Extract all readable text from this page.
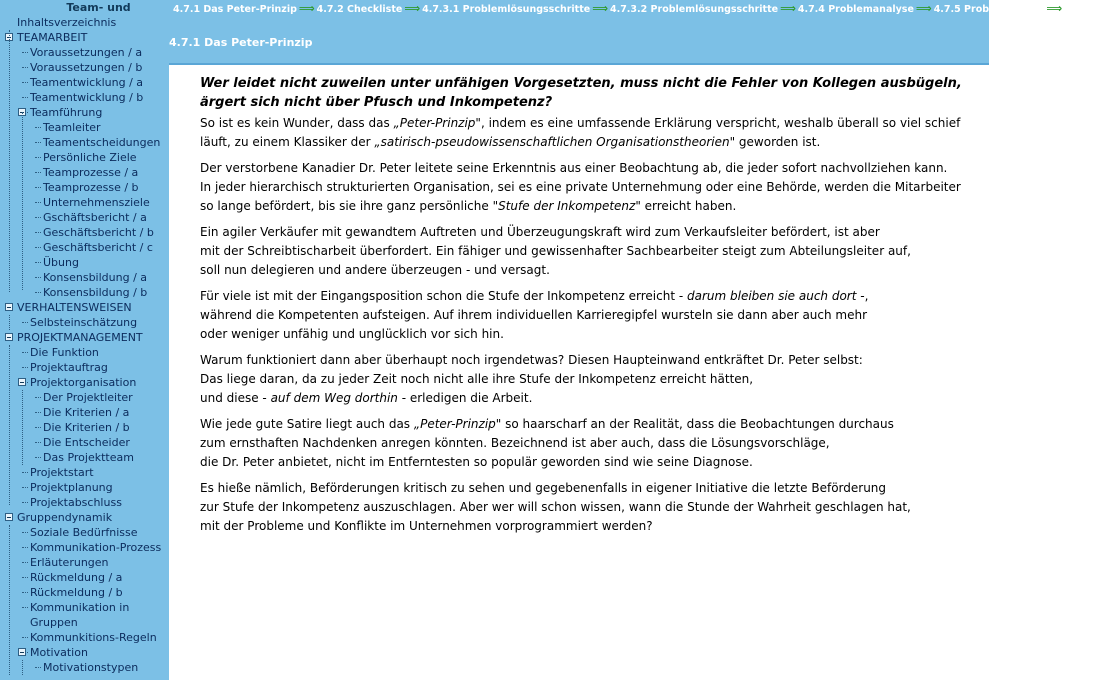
Team- und
Inhaltsverzeichnis
TEAMARBEIT
Voraussetzungen / a
Voraussetzungen / b
Teamentwicklung / a
Teamentwicklung / b
Teamführung
Teamleiter
Teamentscheidungen
Persönliche Ziele
Teamprozesse / a
Teamprozesse / b
Unternehmensziele
Gschäftsbericht / a
Geschäftsbericht / b
Geschäftsbericht / c
Übung
Konsensbildung / a
Konsensbildung / b
VERHALTENSWEISEN
Selbsteinschätzung
PROJEKTMANAGEMENT
Die Funktion
Projektauftrag
Projektorganisation
Der Projektleiter
Die Kriterien / a
Die Kriterien / b
Die Entscheider
Das Projektteam
Projektstart
Projektplanung
Projektabschluss
Gruppendynamik
Soziale Bedürfnisse
Kommunikation-Prozess
Erläuterungen
Rückmeldung / a
Rückmeldung / b
Kommunikation in Gruppen
Kommunkitions-Regeln
Motivation
Motivationstypen
4.7.1 Das Peter-Prinzip ⟹ 4.7.2 Checkliste ⟹ 4.7.3.1 Problemlösungsschritte ⟹ 4.7.3.2 Problemlösungsschritte ⟹ 4.7.4 Problemanalyse ⟹ 4.7.5 Problemlösung ⟹ 4.7.6 Z
4.7.1 Das Peter-Prinzip
Wer leidet nicht zuweilen unter unfähigen Vorgesetzten, muss nicht die Fehler von Kollegen ausbügeln,
ärgert sich nicht über Pfusch und Inkompetenz?
So ist es kein Wunder, dass das „Peter-Prinzip", indem es eine umfassende Erklärung verspricht, weshalb überall so viel schief läuft, zu einem Klassiker der „satirisch-pseudowissenschaftlichen Organisationstheorien" geworden ist.
Der verstorbene Kanadier Dr. Peter leitete seine Erkenntnis aus einer Beobachtung ab, die jeder sofort nachvollziehen kann.
In jeder hierarchisch strukturierten Organisation, sei es eine private Unternehmung oder eine Behörde, werden die Mitarbeiter
so lange befördert, bis sie ihre ganz persönliche "Stufe der Inkompetenz" erreicht haben.
Ein agiler Verkäufer mit gewandtem Auftreten und Überzeugungskraft wird zum Verkaufsleiter befördert, ist aber
mit der Schreibtischarbeit überfordert. Ein fähiger und gewissenhafter Sachbearbeiter steigt zum Abteilungsleiter auf,
soll nun delegieren und andere überzeugen - und versagt.
Für viele ist mit der Eingangsposition schon die Stufe der Inkompetenz erreicht - darum bleiben sie auch dort -,
während die Kompetenten aufsteigen. Auf ihrem individuellen Karrieregipfel wursteln sie dann aber auch mehr
oder weniger unfähig und unglücklich vor sich hin.
Warum funktioniert dann aber überhaupt noch irgendetwas? Diesen Haupteinwand entkräftet Dr. Peter selbst:
Das liege daran, da zu jeder Zeit noch nicht alle ihre Stufe der Inkompetenz erreicht hätten,
und diese - auf dem Weg dorthin - erledigen die Arbeit.
Wie jede gute Satire liegt auch das „Peter-Prinzip" so haarscharf an der Realität, dass die Beobachtungen durchaus
zum ernsthaften Nachdenken anregen könnten. Bezeichnend ist aber auch, dass die Lösungsvorschläge,
die Dr. Peter anbietet, nicht im Entferntesten so populär geworden sind wie seine Diagnose.
Es hieße nämlich, Beförderungen kritisch zu sehen und gegebenenfalls in eigener Initiative die letzte Beförderung
zur Stufe der Inkompetenz auszuschlagen. Aber wer will schon wissen, wann die Stunde der Wahrheit geschlagen hat,
mit der Probleme und Konflikte im Unternehmen vorprogrammiert werden?
